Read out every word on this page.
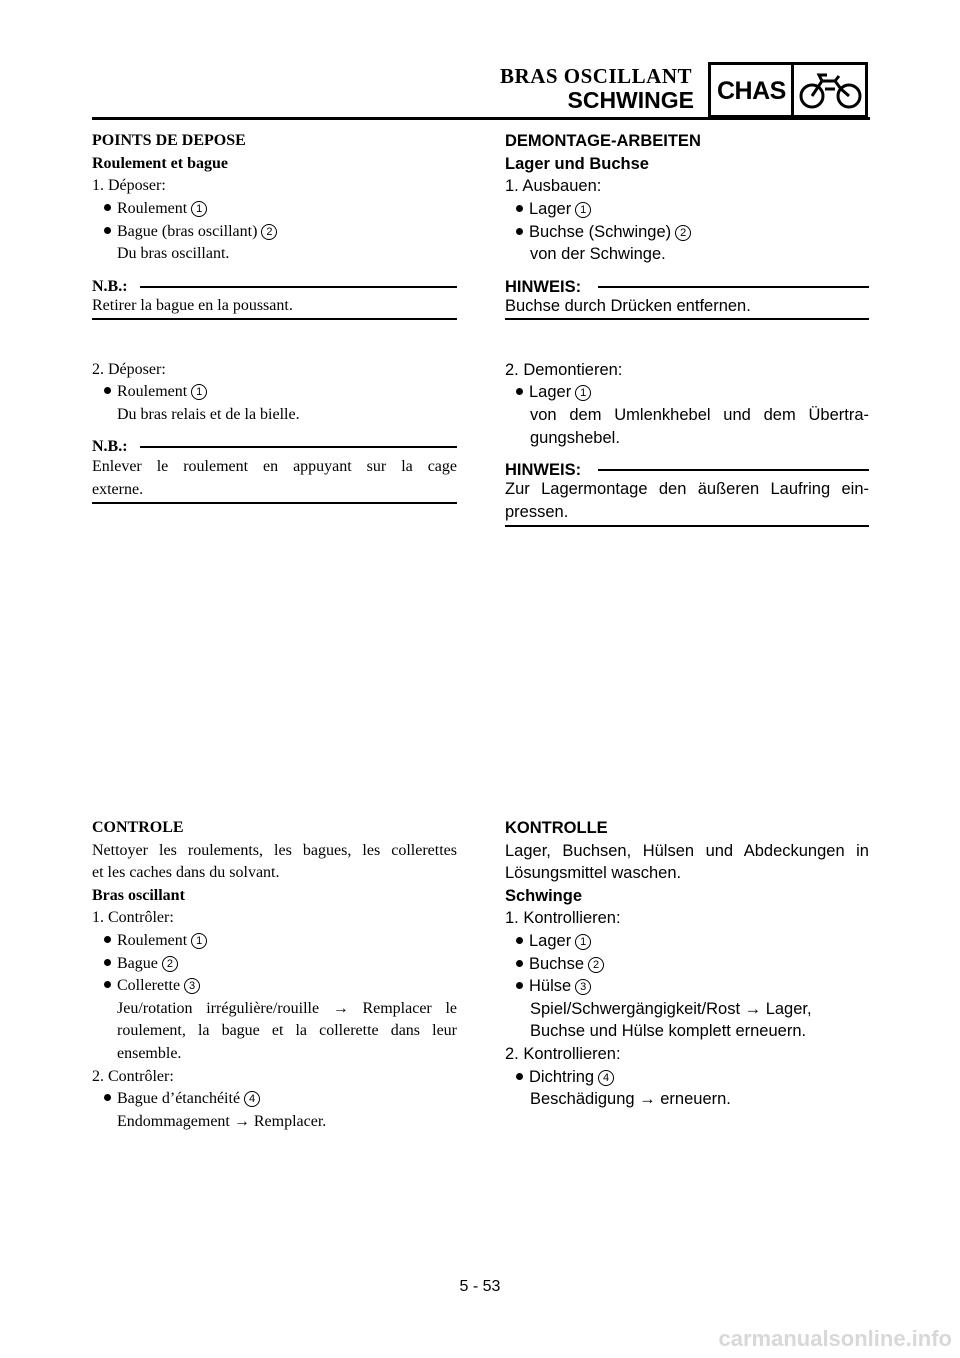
BRAS OSCILLANT
SCHWINGE CHAS
POINTS DE DEPOSE
Roulement et bague
1. Déposer:
Roulement 1
Bague (bras oscillant) 2
Du bras oscillant.
N.B.:
Retirer la bague en la poussant.
2. Déposer:
Roulement 1
Du bras relais et de la bielle.
N.B.:
Enlever le roulement en appuyant sur la cage
externe.
CONTROLE
Nettoyer les roulements, les bagues, les collerettes
et les caches dans du solvant.
Bras oscillant
1. Contrôler:
Roulement 1
Bague 2
Collerette 3
Jeu/rotation irrégulière/rouille → Remplacer le
roulement, la bague et la collerette dans leur
ensemble.
2. Contrôler:
Bague d’étanchéité 4
Endommagement → Remplacer.
DEMONTAGE-ARBEITEN
Lager und Buchse
1. Ausbauen:
Lager 1
Buchse (Schwinge) 2
von der Schwinge.
HINWEIS:
Buchse durch Drücken entfernen.
2. Demontieren:
Lager 1
von dem Umlenkhebel und dem Übertra-
gungshebel.
HINWEIS:
Zur Lagermontage den äußeren Laufring ein-
pressen.
KONTROLLE
Lager, Buchsen, Hülsen und Abdeckungen in
Lösungsmittel waschen.
Schwinge
1. Kontrollieren:
Lager 1
Buchse 2
Hülse 3
Spiel/Schwergängigkeit/Rost → Lager,
Buchse und Hülse komplett erneuern.
2. Kontrollieren:
Dichtring 4
Beschädigung → erneuern.
5 - 53
carmanualsonline.info
